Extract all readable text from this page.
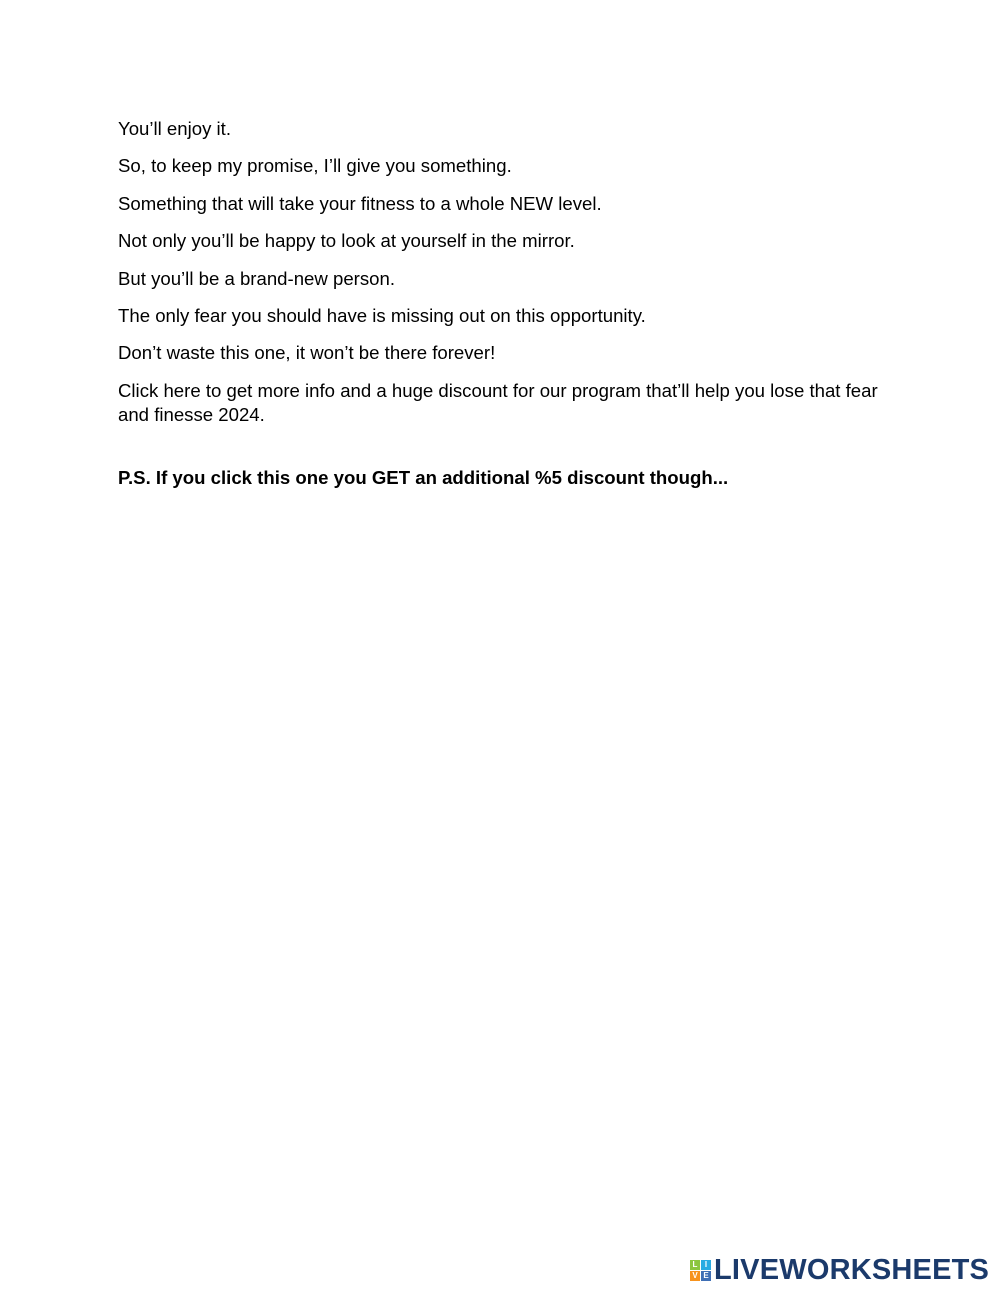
You’ll enjoy it.

So, to keep my promise, I’ll give you something.

Something that will take your fitness to a whole NEW level.

Not only you’ll be happy to look at yourself in the mirror.

But you’ll be a brand-new person.

The only fear you should have is missing out on this opportunity.

Don’t waste this one, it won’t be there forever!

Click here to get more info and a huge discount for our program that’ll help you lose that fear and finesse 2024.

P.S. If you click this one you GET an additional %5 discount though...

L I
V E LIVEWORKSHEETS
